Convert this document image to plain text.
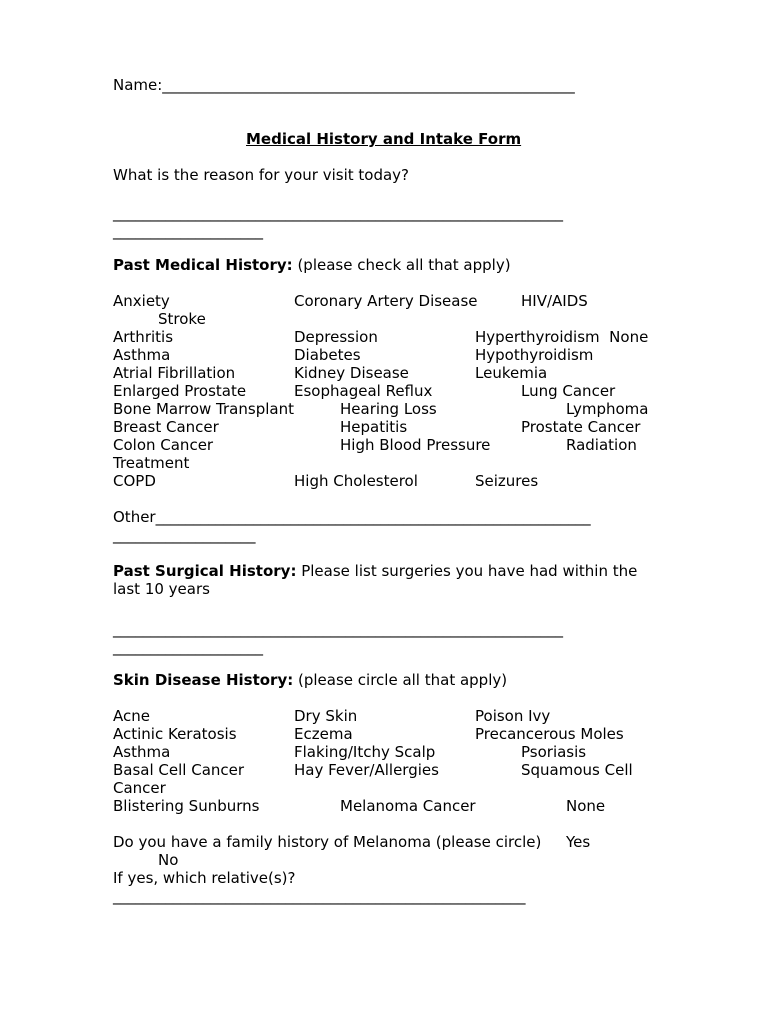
Name:_______________________________________________________
Medical History and Intake Form
What is the reason for your visit today?
____________________________________________________________
____________________
Past Medical History: (please check all that apply)
Anxiety	Coronary Artery Disease	HIV/AIDS
Stroke
Arthritis	Depression	Hyperthyroidism  None
Asthma	Diabetes	Hypothyroidism
Atrial Fibrillation	Kidney Disease	Leukemia
Enlarged Prostate	Esophageal Reflux	Lung Cancer
Bone Marrow Transplant	Hearing Loss	Lymphoma
Breast Cancer	Hepatitis	Prostate Cancer
Colon Cancer	High Blood Pressure	Radiation
Treatment
COPD	High Cholesterol	Seizures
Other__________________________________________________________
___________________
Past Surgical History: Please list surgeries you have had within the
last 10 years
____________________________________________________________
____________________
Skin Disease History: (please circle all that apply)
Acne	Dry Skin	Poison Ivy
Actinic Keratosis	Eczema	Precancerous Moles
Asthma	Flaking/Itchy Scalp	Psoriasis
Basal Cell Cancer	Hay Fever/Allergies	Squamous Cell
Cancer
Blistering Sunburns	Melanoma Cancer	None
Do you have a family history of Melanoma (please circle) Yes
No
If yes, which relative(s)?
_______________________________________________________
